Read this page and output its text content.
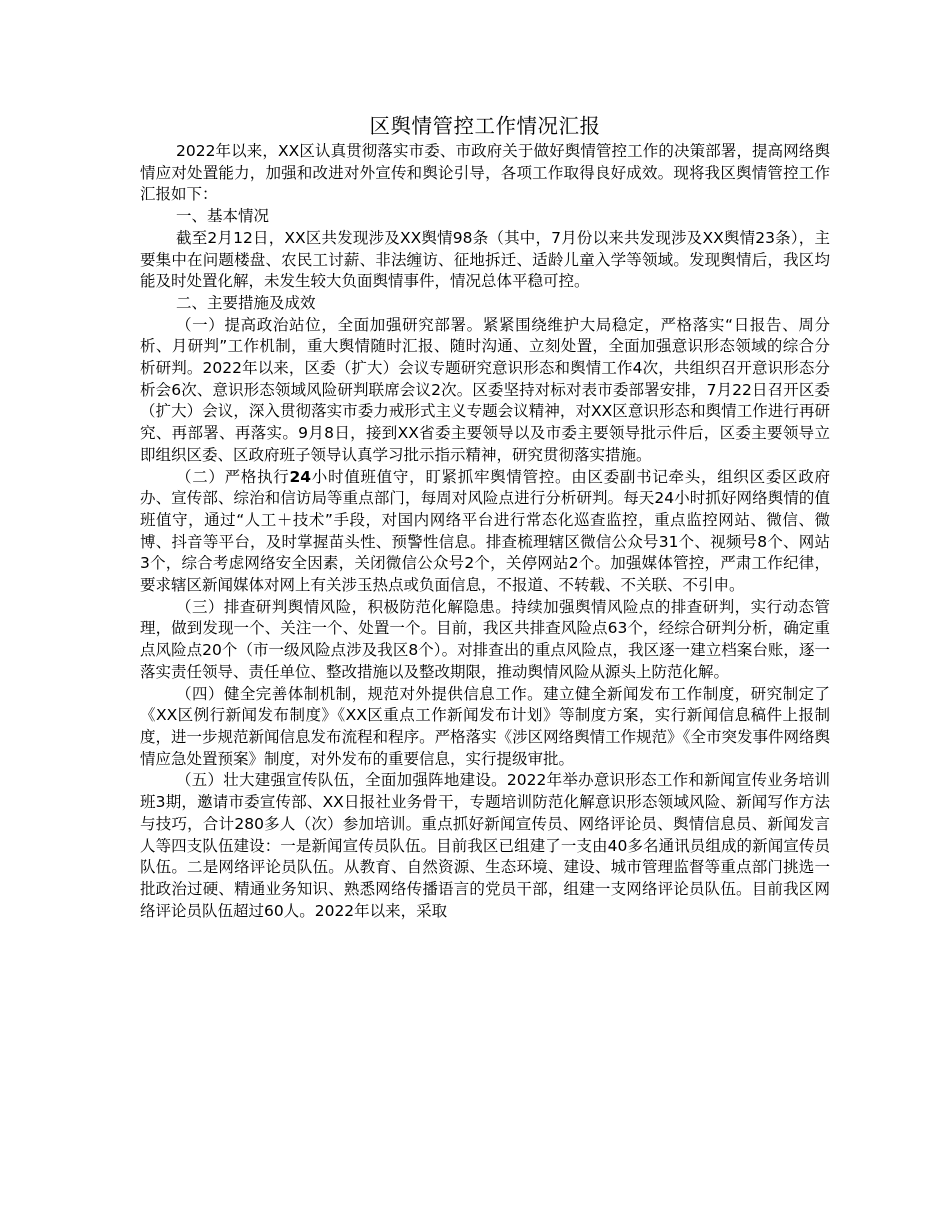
区舆情管控工作情况汇报

2022年以来，XX区认真贯彻落实市委、市政府关于做好舆情管控工作的决策部署，提高网络舆情应对处置能力，加强和改进对外宣传和舆论引导，各项工作取得良好成效。现将我区舆情管控工作汇报如下：

一、基本情况

截至2月12日，XX区共发现涉及XX舆情98条（其中，7月份以来共发现涉及XX舆情23条），主要集中在问题楼盘、农民工讨薪、非法缠访、征地拆迁、适龄儿童入学等领域。发现舆情后，我区均能及时处置化解，未发生较大负面舆情事件，情况总体平稳可控。

二、主要措施及成效

（一）提高政治站位，全面加强研究部署。紧紧围绕维护大局稳定，严格落实“日报告、周分析、月研判”工作机制，重大舆情随时汇报、随时沟通、立刻处置，全面加强意识形态领域的综合分析研判。2022年以来，区委（扩大）会议专题研究意识形态和舆情工作4次，共组织召开意识形态分析会6次、意识形态领域风险研判联席会议2次。区委坚持对标对表市委部署安排，7月22日召开区委（扩大）会议，深入贯彻落实市委力戒形式主义专题会议精神，对XX区意识形态和舆情工作进行再研究、再部署、再落实。9月8日，接到XX省委主要领导以及市委主要领导批示件后，区委主要领导立即组织区委、区政府班子领导认真学习批示指示精神，研究贯彻落实措施。

（二）严格执行24小时值班值守，盯紧抓牢舆情管控。由区委副书记牵头，组织区委区政府办、宣传部、综治和信访局等重点部门，每周对风险点进行分析研判。每天24小时抓好网络舆情的值班值守，通过“人工＋技术”手段，对国内网络平台进行常态化巡查监控，重点监控网站、微信、微博、抖音等平台，及时掌握苗头性、预警性信息。排查梳理辖区微信公众号31个、视频号8个、网站3个，综合考虑网络安全因素，关闭微信公众号2个，关停网站2个。加强媒体管控，严肃工作纪律，要求辖区新闻媒体对网上有关涉玉热点或负面信息，不报道、不转载、不关联、不引申。

（三）排查研判舆情风险，积极防范化解隐患。持续加强舆情风险点的排查研判，实行动态管理，做到发现一个、关注一个、处置一个。目前，我区共排查风险点63个，经综合研判分析，确定重点风险点20个（市一级风险点涉及我区8个）。对排查出的重点风险点，我区逐一建立档案台账，逐一落实责任领导、责任单位、整改措施以及整改期限，推动舆情风险从源头上防范化解。

（四）健全完善体制机制，规范对外提供信息工作。建立健全新闻发布工作制度，研究制定了《XX区例行新闻发布制度》《XX区重点工作新闻发布计划》等制度方案，实行新闻信息稿件上报制度，进一步规范新闻信息发布流程和程序。严格落实《涉区网络舆情工作规范》《全市突发事件网络舆情应急处置预案》制度，对外发布的重要信息，实行提级审批。

（五）壮大建强宣传队伍，全面加强阵地建设。2022年举办意识形态工作和新闻宣传业务培训班3期，邀请市委宣传部、XX日报社业务骨干，专题培训防范化解意识形态领域风险、新闻写作方法与技巧，合计280多人（次）参加培训。重点抓好新闻宣传员、网络评论员、舆情信息员、新闻发言人等四支队伍建设：一是新闻宣传员队伍。目前我区已组建了一支由40多名通讯员组成的新闻宣传员队伍。二是网络评论员队伍。从教育、自然资源、生态环境、建设、城市管理监督等重点部门挑选一批政治过硬、精通业务知识、熟悉网络传播语言的党员干部，组建一支网络评论员队伍。目前我区网络评论员队伍超过60人。2022年以来，采取
